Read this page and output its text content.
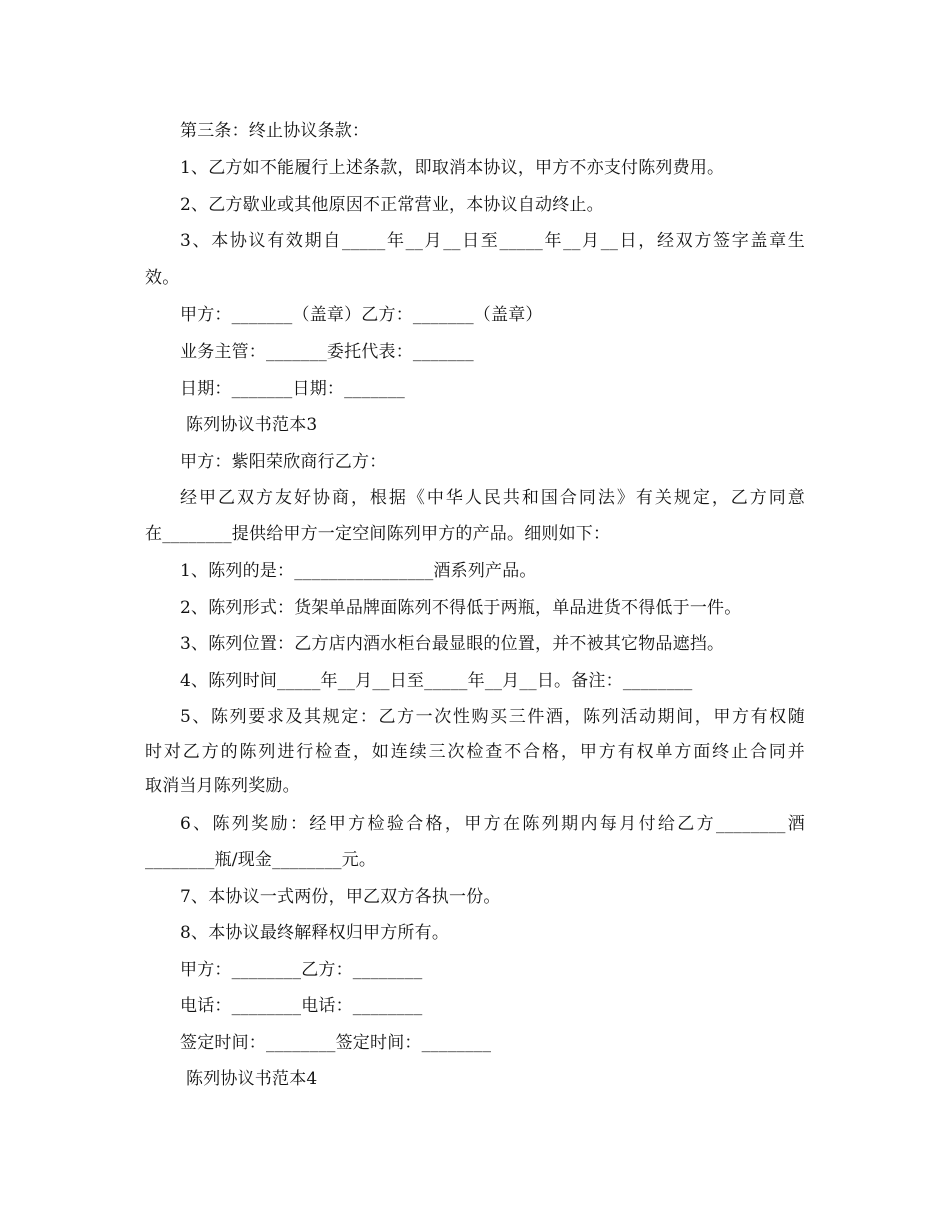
第三条：终止协议条款：
1、乙方如不能履行上述条款，即取消本协议，甲方不亦支付陈列费用。
2、乙方歇业或其他原因不正常营业，本协议自动终止。
3、本协议有效期自_____年__月__日至_____年__月__日，经双方签字盖章生
效。
甲方：_______（盖章）乙方：_______（盖章）
业务主管：_______委托代表：_______
日期：_______日期：_______
陈列协议书范本3
甲方：紫阳荣欣商行乙方：
经甲乙双方友好协商，根据《中华人民共和国合同法》有关规定，乙方同意
在________提供给甲方一定空间陈列甲方的产品。细则如下：
1、陈列的是：________________酒系列产品。
2、陈列形式：货架单品牌面陈列不得低于两瓶，单品进货不得低于一件。
3、陈列位置：乙方店内酒水柜台最显眼的位置，并不被其它物品遮挡。
4、陈列时间_____年__月__日至_____年__月__日。备注：________
5、陈列要求及其规定：乙方一次性购买三件酒，陈列活动期间，甲方有权随
时对乙方的陈列进行检查，如连续三次检查不合格，甲方有权单方面终止合同并
取消当月陈列奖励。
6、陈列奖励：经甲方检验合格，甲方在陈列期内每月付给乙方________酒
________瓶/现金________元。
7、本协议一式两份，甲乙双方各执一份。
8、本协议最终解释权归甲方所有。
甲方：________乙方：________
电话：________电话：________
签定时间：________签定时间：________
陈列协议书范本4
